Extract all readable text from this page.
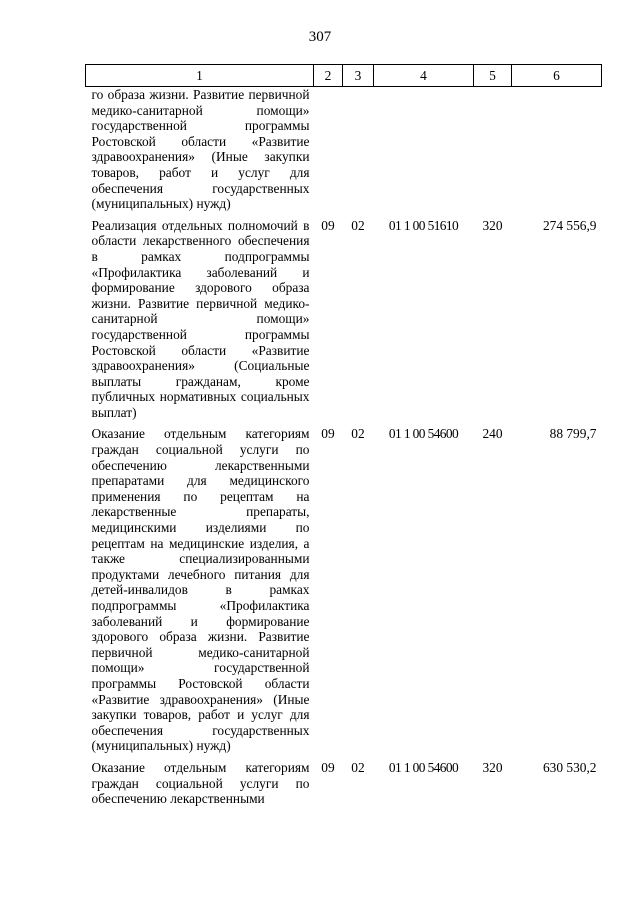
307
1	2	3	4	5	6
го образа жизни. Развитие первичной медико-санитарной помощи» государственной программы Ростовской области «Развитие здравоохранения» (Иные закупки товаров, работ и услуг для обеспечения государственных (муниципальных) нужд)					
Реализация отдельных полномочий в области лекарственного обеспечения в рамках подпрограммы «Профилактика заболеваний и формирование здорового образа жизни. Развитие первичной медико-санитарной помощи» государственной программы Ростовской области «Развитие здравоохранения» (Социальные выплаты гражданам, кроме публичных нормативных социальных выплат)	09	02	01 1 00 51610	320	274 556,9
Оказание отдельным категориям граждан социальной услуги по обеспечению лекарственными препаратами для медицинского применения по рецептам на лекарственные препараты, медицинскими изделиями по рецептам на медицинские изделия, а также специализированными продуктами лечебного питания для детей-инвалидов в рамках подпрограммы «Профилактика заболеваний и формирование здорового образа жизни. Развитие первичной медико-санитарной помощи» государственной программы Ростовской области «Развитие здравоохранения» (Иные закупки товаров, работ и услуг для обеспечения государственных (муниципальных) нужд)	09	02	01 1 00 54600	240	88 799,7
Оказание отдельным категориям граждан социальной услуги по обеспечению лекарственными	09	02	01 1 00 54600	320	630 530,2
